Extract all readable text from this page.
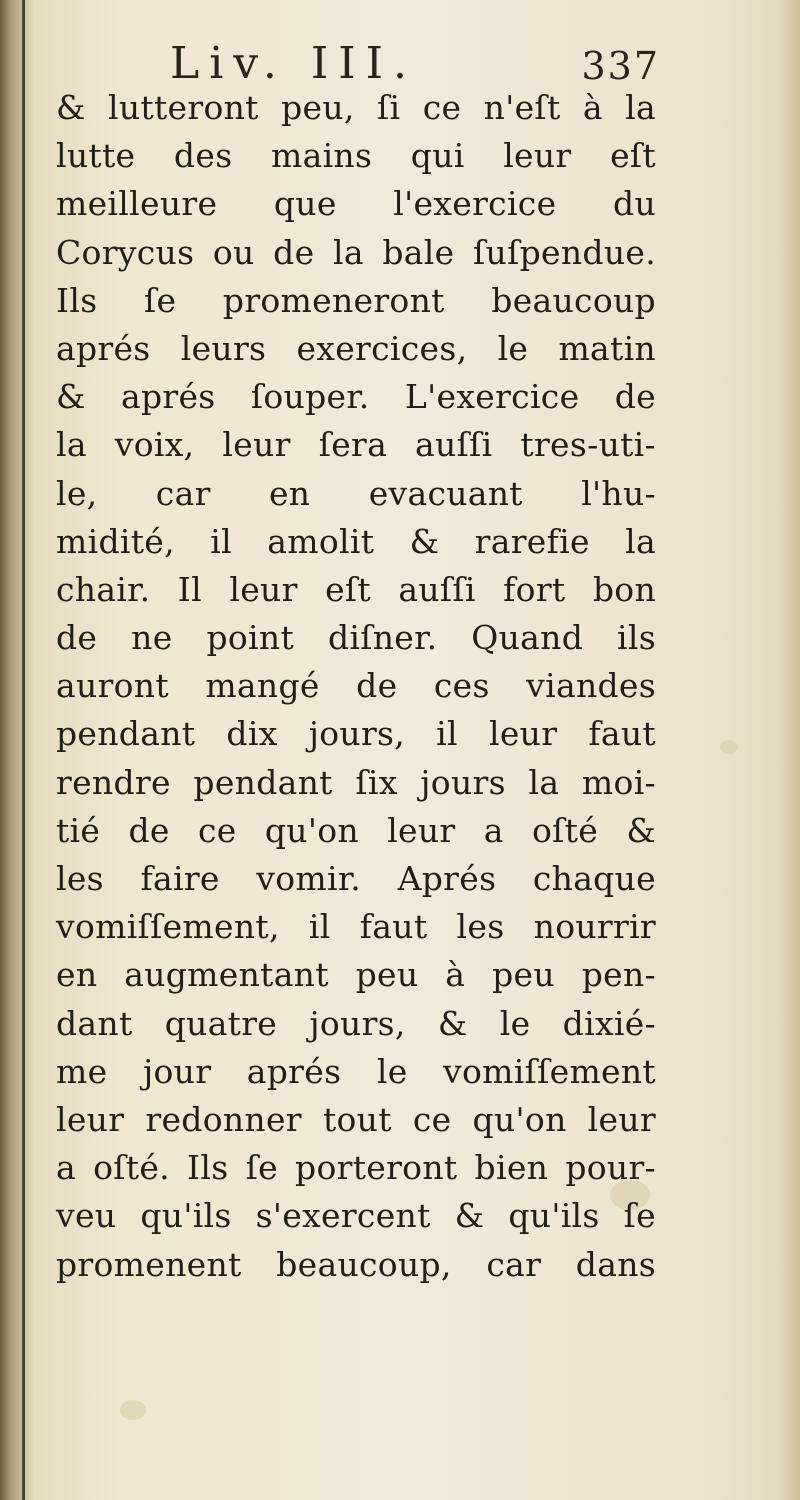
Liv. III.	337
& lutteront peu, ſi ce n'eſt à la
lutte des mains qui leur eſt
meilleure que l'exercice du
Corycus ou de la bale ſuſpendue.
Ils ſe promeneront beaucoup
aprés leurs exercices, le matin
& aprés ſouper. L'exercice de
la voix, leur ſera auſſi tres-uti-
le, car en evacuant l'hu-
midité, il amolit & rarefie la
chair. Il leur eſt auſſi fort bon
de ne point diſner. Quand ils
auront mangé de ces viandes
pendant dix jours, il leur faut
rendre pendant ſix jours la moi-
tié de ce qu'on leur a oſté &
les faire vomir. Aprés chaque
vomiſſement, il faut les nourrir
en augmentant peu à peu pen-
dant quatre jours, & le dixié-
me jour aprés le vomiſſement
leur redonner tout ce qu'on leur
a oſté. Ils ſe porteront bien pour-
veu qu'ils s'exercent & qu'ils ſe
promenent beaucoup, car dans
